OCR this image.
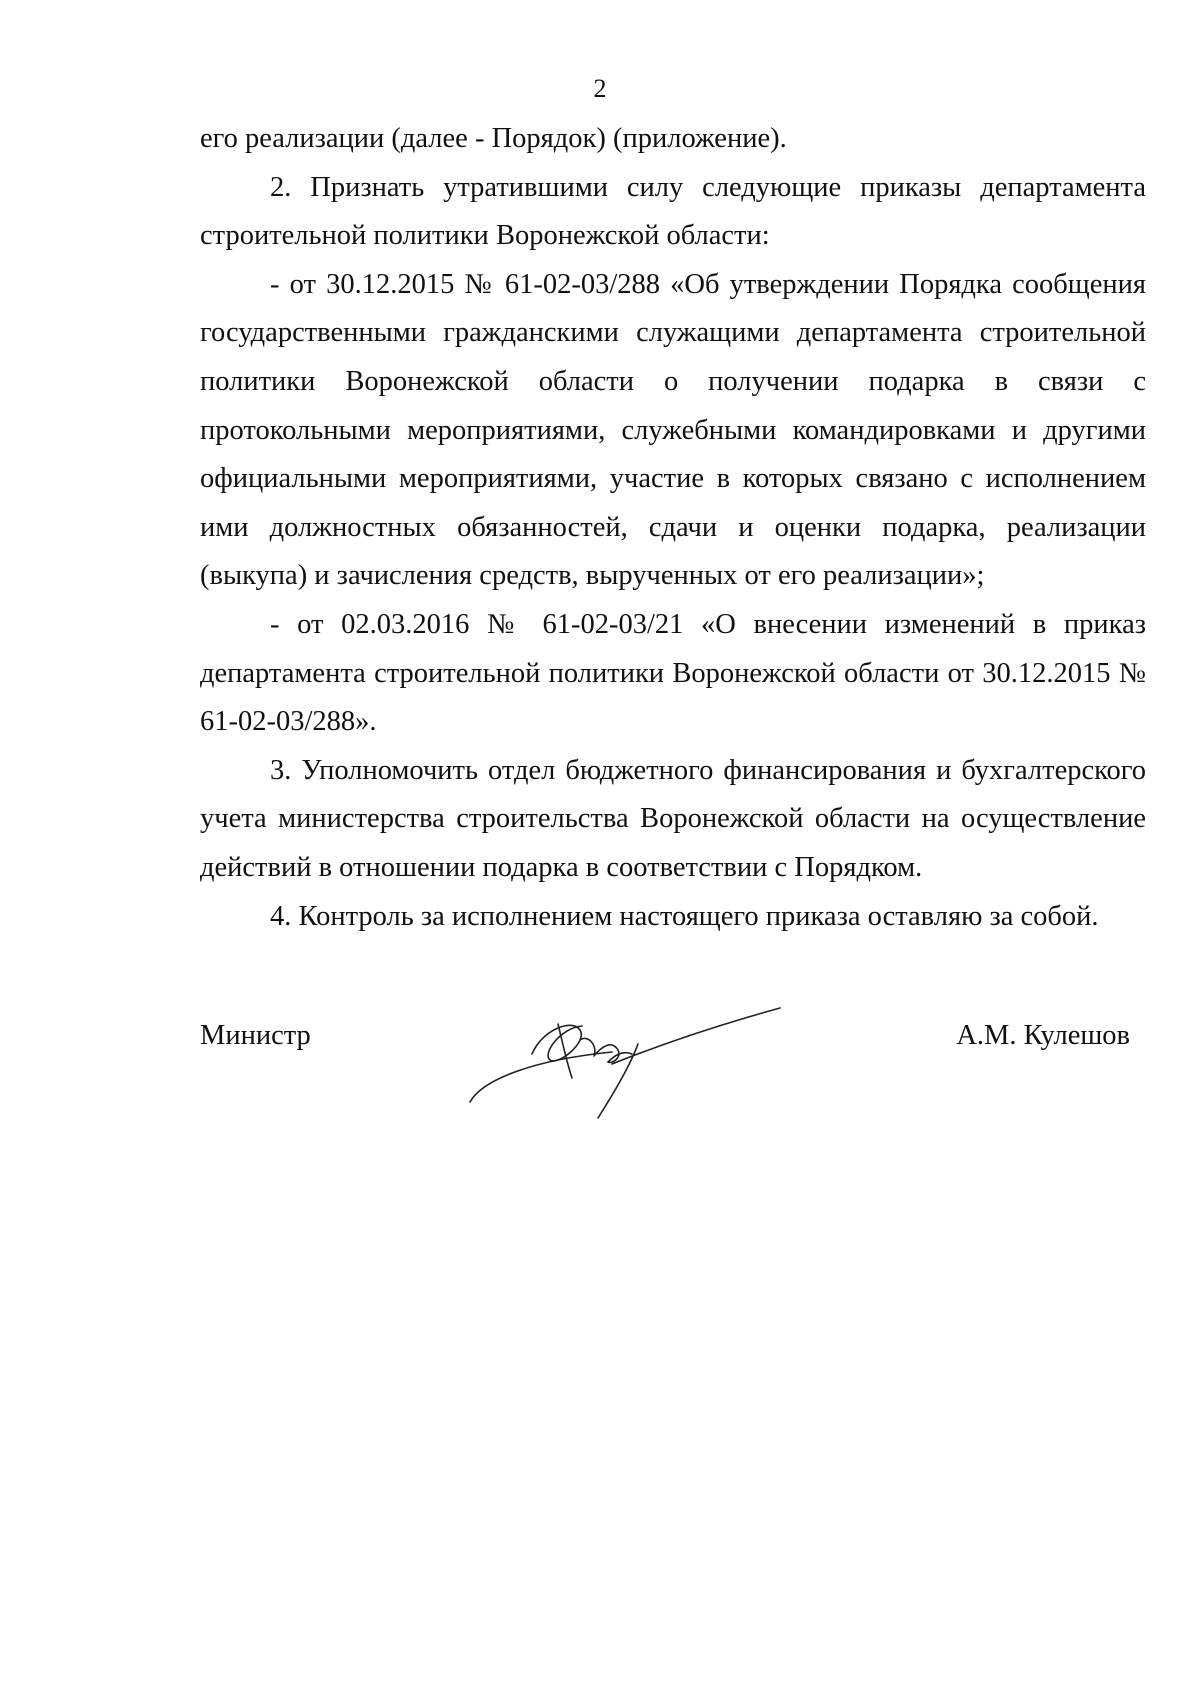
2

его реализации (далее - Порядок) (приложение).

2. Признать утратившими силу следующие приказы департамента строительной политики Воронежской области:

- от 30.12.2015 № 61-02-03/288 «Об утверждении Порядка сообщения государственными гражданскими служащими департамента строительной политики Воронежской области о получении подарка в связи с протокольными мероприятиями, служебными командировками и другими официальными мероприятиями, участие в которых связано с исполнением ими должностных обязанностей, сдачи и оценки подарка, реализации (выкупа) и зачисления средств, вырученных от его реализации»;

- от 02.03.2016 № 61-02-03/21 «О внесении изменений в приказ департамента строительной политики Воронежской области от 30.12.2015 № 61-02-03/288».

3. Уполномочить отдел бюджетного финансирования и бухгалтерского учета министерства строительства Воронежской области на осуществление действий в отношении подарка в соответствии с Порядком.

4. Контроль за исполнением настоящего приказа оставляю за собой.

Министр	А.М. Кулешов
